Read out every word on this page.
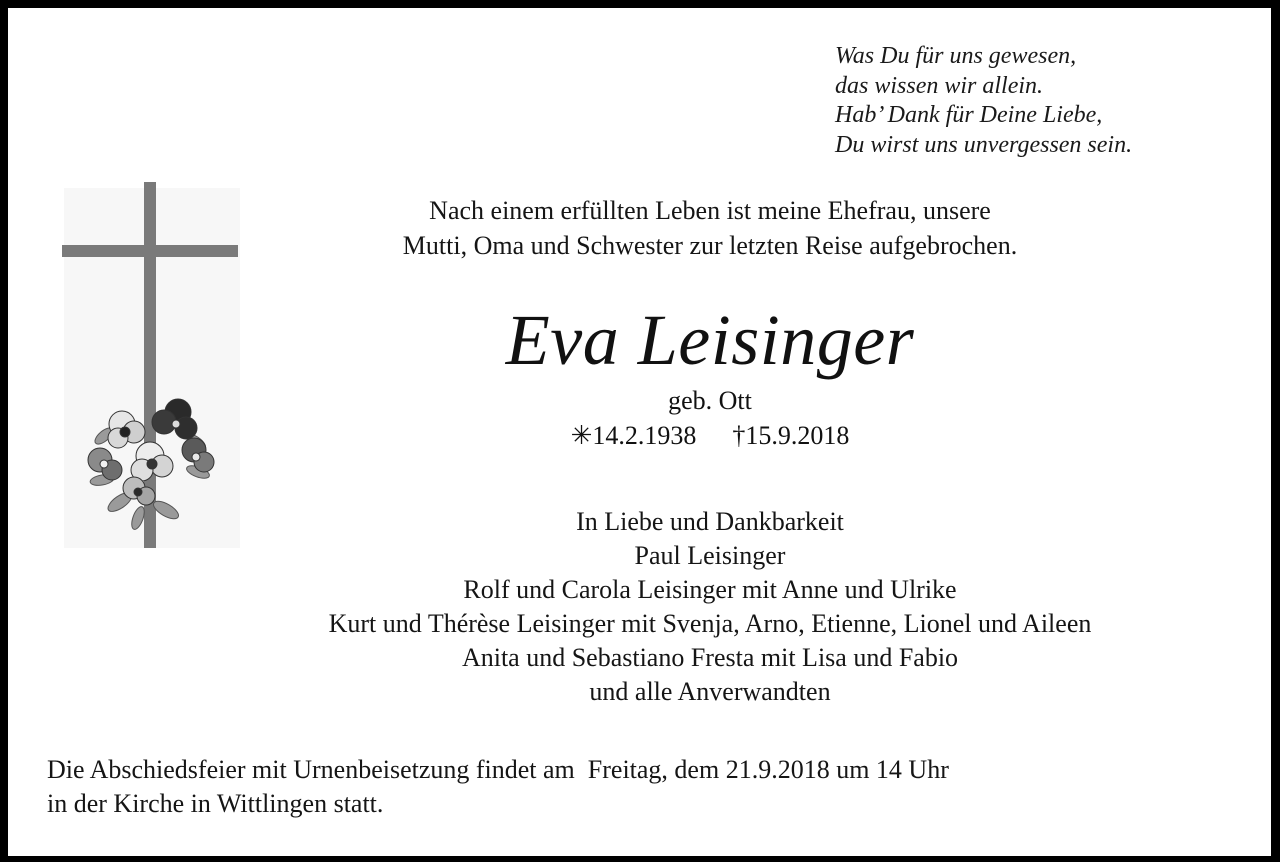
Was Du für uns gewesen,
das wissen wir allein.
Hab’ Dank für Deine Liebe,
Du wirst uns unvergessen sein.
Nach einem erfüllten Leben ist meine Ehefrau, unsere
Mutti, Oma und Schwester zur letzten Reise aufgebrochen.
Eva Leisinger
geb. Ott
✳14.2.1938 †15.9.2018
In Liebe und Dankbarkeit
Paul Leisinger
Rolf und Carola Leisinger mit Anne und Ulrike
Kurt und Thérèse Leisinger mit Svenja, Arno, Etienne, Lionel und Aileen
Anita und Sebastiano Fresta mit Lisa und Fabio
und alle Anverwandten
Die Abschiedsfeier mit Urnenbeisetzung findet am  Freitag, dem 21.9.2018 um 14 Uhr
in der Kirche in Wittlingen statt.
